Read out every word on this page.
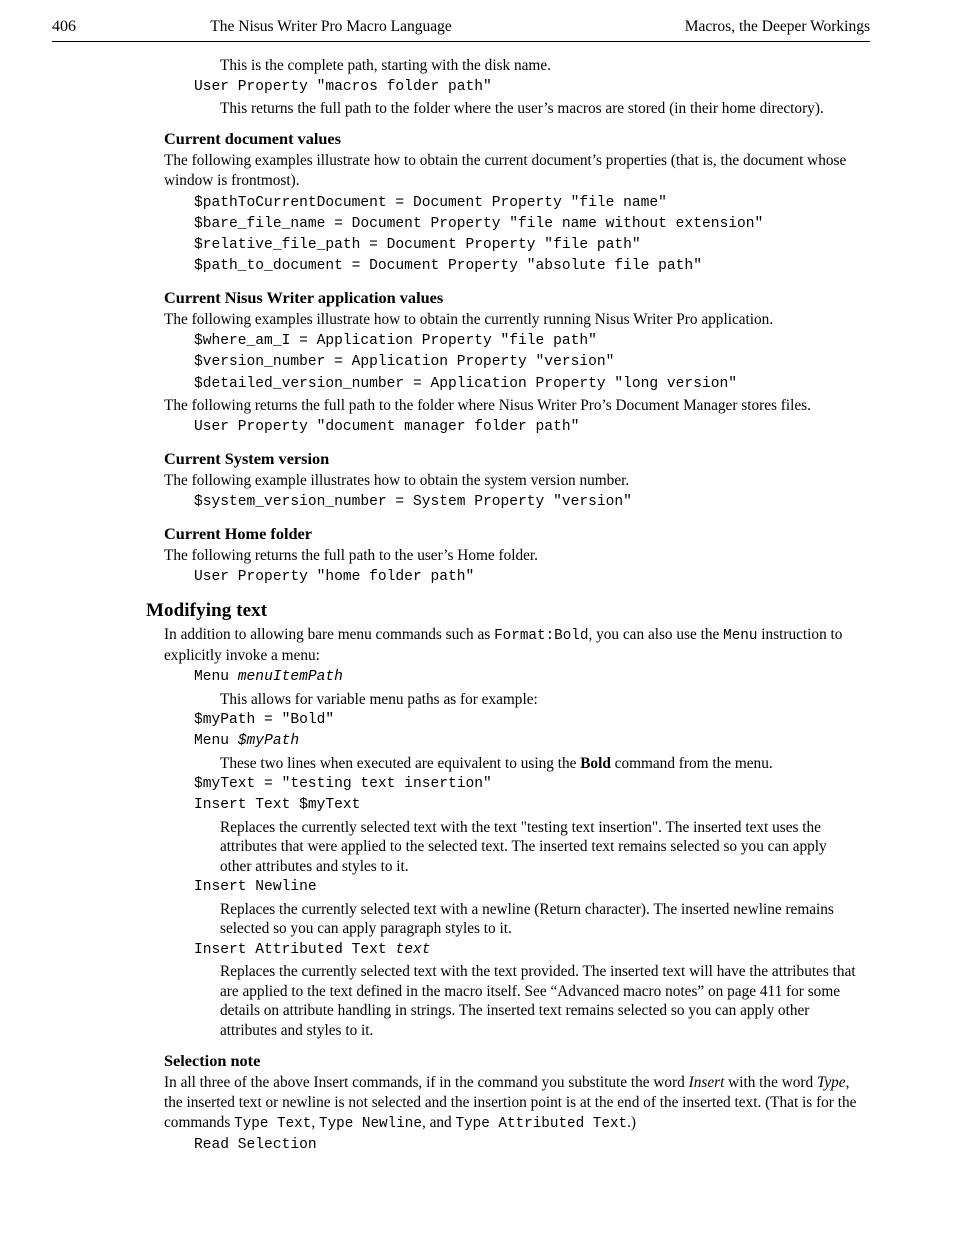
406	The Nisus Writer Pro Macro Language	Macros, the Deeper Workings

This is the complete path, starting with the disk name.

User Property "macros folder path"

This returns the full path to the folder where the user’s macros are stored (in their home directory).

Current document values

The following examples illustrate how to obtain the current document’s properties (that is, the document whose window is frontmost).

$pathToCurrentDocument = Document Property "file name"
$bare_file_name = Document Property "file name without extension"
$relative_file_path = Document Property "file path"
$path_to_document = Document Property "absolute file path"
Current Nisus Writer application values

The following examples illustrate how to obtain the currently running Nisus Writer Pro application.

$where_am_I = Application Property "file path"
$version_number = Application Property "version"
$detailed_version_number = Application Property "long version"

The following returns the full path to the folder where Nisus Writer Pro’s Document Manager stores files.

User Property "document manager folder path"
Current System version

The following example illustrates how to obtain the system version number.

$system_version_number = System Property "version"
Current Home folder

The following returns the full path to the user’s Home folder.

User Property "home folder path"
Modifying text

In addition to allowing bare menu commands such as Format:Bold, you can also use the Menu instruction to explicitly invoke a menu:

Menu menuItemPath

This allows for variable menu paths as for example:

$myPath = "Bold"
Menu $myPath

These two lines when executed are equivalent to using the Bold command from the menu.

$myText = "testing text insertion"
Insert Text $myText

Replaces the currently selected text with the text "testing text insertion". The inserted text uses the attributes that were applied to the selected text. The inserted text remains selected so you can apply other attributes and styles to it.

Insert Newline

Replaces the currently selected text with a newline (Return character). The inserted newline remains selected so you can apply paragraph styles to it.

Insert Attributed Text text

Replaces the currently selected text with the text provided. The inserted text will have the attributes that are applied to the text defined in the macro itself. See “Advanced macro notes” on page 411 for some details on attribute handling in strings. The inserted text remains selected so you can apply other attributes and styles to it.

Selection note

In all three of the above Insert commands, if in the command you substitute the word Insert with the word Type, the inserted text or newline is not selected and the insertion point is at the end of the inserted text. (That is for the commands Type Text, Type Newline, and Type Attributed Text.)

Read Selection
